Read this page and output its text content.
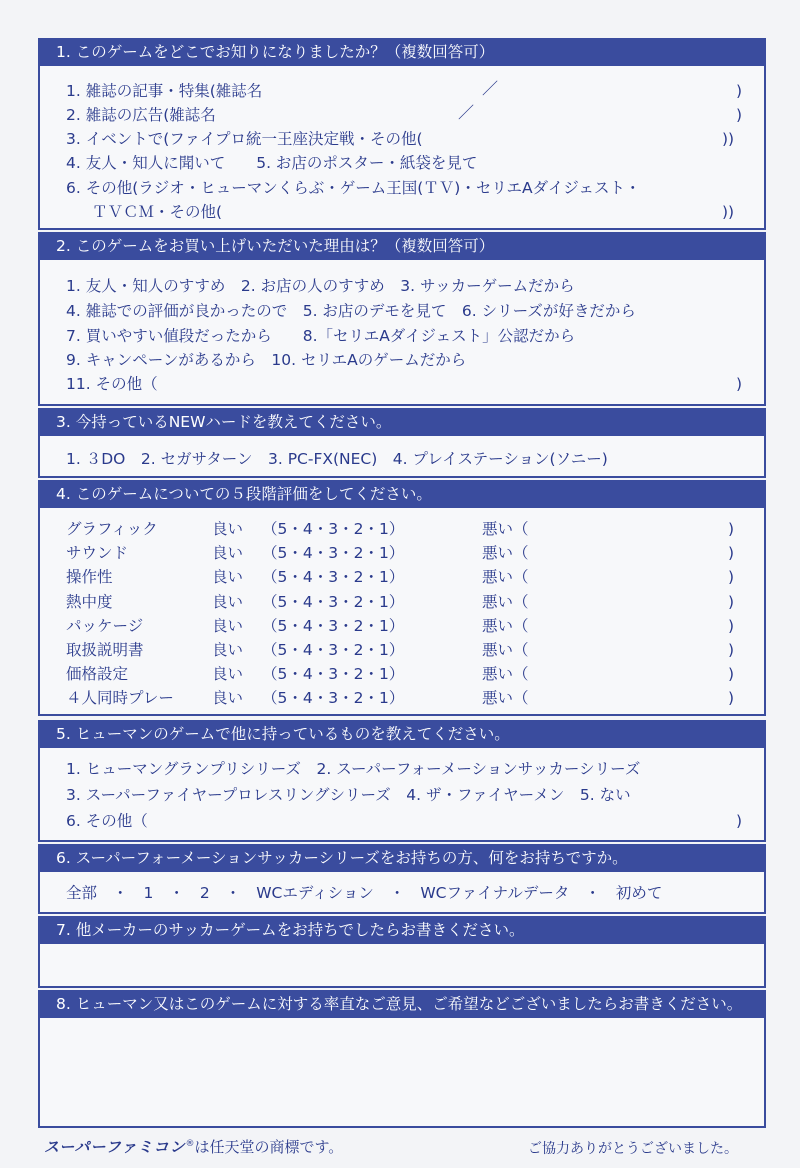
1. このゲームをどこでお知りになりましたか？（複数回答可）
1. 雑誌の記事・特集(雑誌名	／	)
2. 雑誌の広告(雑誌名	／	)
3. イベントで(ファイプロ統一王座決定戦・その他(	))
4. 友人・知人に聞いて　　5. お店のポスター・紙袋を見て
6. その他(ラジオ・ヒューマンくらぶ・ゲーム王国(ＴＶ)・セリエAダイジェスト・
ＴＶＣＭ・その他(	))
2. このゲームをお買い上げいただいた理由は？（複数回答可）
1. 友人・知人のすすめ　2. お店の人のすすめ　3. サッカーゲームだから
4. 雑誌での評価が良かったので　5. お店のデモを見て　6. シリーズが好きだから
7. 買いやすい値段だったから　　8.「セリエAダイジェスト」公認だから
9. キャンペーンがあるから　10. セリエAのゲームだから
11. その他（	)
3. 今持っているNEWハードを教えてください。
1. ３DO　2. セガサターン　3. PC-FX(NEC)　4. プレイステーション(ソニー)
4. このゲームについての５段階評価をしてください。
グラフィック	良い （5・4・3・2・1）	悪い（	)
サウンド	良い （5・4・3・2・1）	悪い（	)
操作性	良い （5・4・3・2・1）	悪い（	)
熱中度	良い （5・4・3・2・1）	悪い（	)
パッケージ	良い （5・4・3・2・1）	悪い（	)
取扱説明書	良い （5・4・3・2・1）	悪い（	)
価格設定	良い （5・4・3・2・1）	悪い（	)
４人同時プレー 良い （5・4・3・2・1）	悪い（	)
5. ヒューマンのゲームで他に持っているものを教えてください。
1. ヒューマングランプリシリーズ　2. スーパーフォーメーションサッカーシリーズ
3. スーパーファイヤープロレスリングシリーズ　4. ザ・ファイヤーメン　5. ない
6. その他（	)
6. スーパーフォーメーションサッカーシリーズをお持ちの方、何をお持ちですか。
全部　・　1　・　2　・　WCエディション　・　WCファイナルデータ　・　初めて
7. 他メーカーのサッカーゲームをお持ちでしたらお書きください。
8. ヒューマン又はこのゲームに対する率直なご意見、ご希望などございましたらお書きください。
スーパーファミコン®は任天堂の商標です。	ご協力ありがとうございました。
